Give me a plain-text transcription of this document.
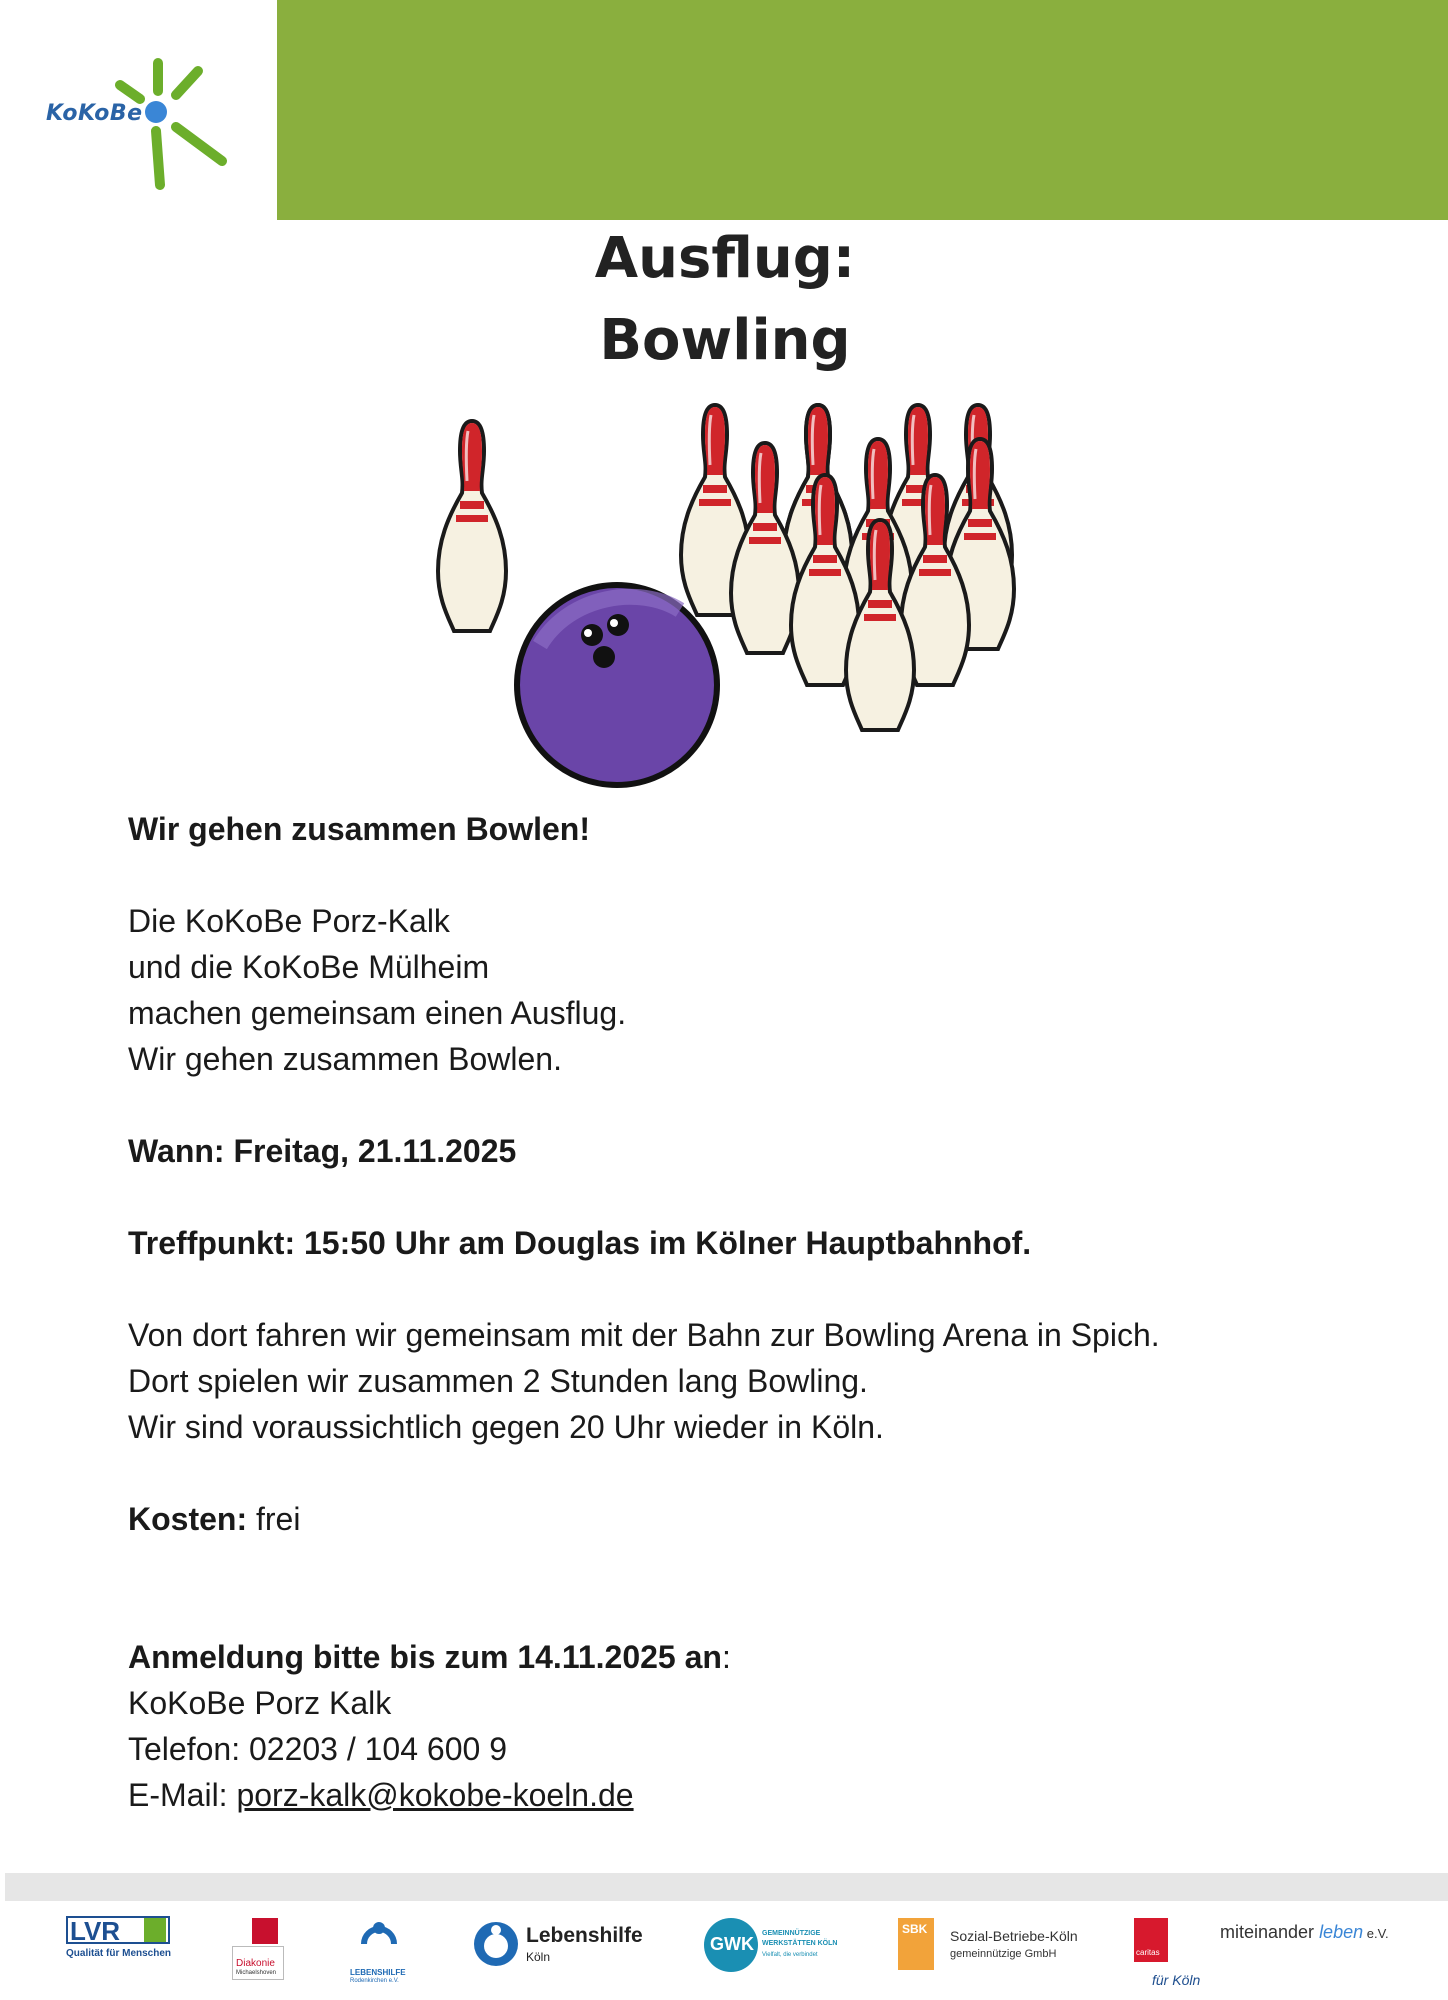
KoKoBe
Ausflug:
Bowling
Wir gehen zusammen Bowlen!
Die KoKoBe Porz-Kalk
und die KoKoBe Mülheim
machen gemeinsam einen Ausflug.
Wir gehen zusammen Bowlen.
Wann: Freitag, 21.11.2025
Treffpunkt: 15:50 Uhr am Douglas im Kölner Hauptbahnhof.
Von dort fahren wir gemeinsam mit der Bahn zur Bowling Arena in Spich.
Dort spielen wir zusammen 2 Stunden lang Bowling.
Wir sind voraussichtlich gegen 20 Uhr wieder in Köln.
Kosten: frei
Anmeldung bitte bis zum 14.11.2025 an:
KoKoBe Porz Kalk
Telefon: 02203 / 104 600 9
E-Mail: porz-kalk@kokobe-koeln.de
LVR
Qualität für Menschen
Diakonie
Michaelshoven	LEBENSHILFE
Rodenkirchen e.V.
Lebenshilfe
Köln
GWK
GEMEINNÜTZIGE
WERKSTÄTTEN KÖLN
Vielfalt, die verbindet
SBK Sozial-Betriebe-Köln
gemeinnützige GmbH	caritas
für Köln
miteinander leben e.V.
